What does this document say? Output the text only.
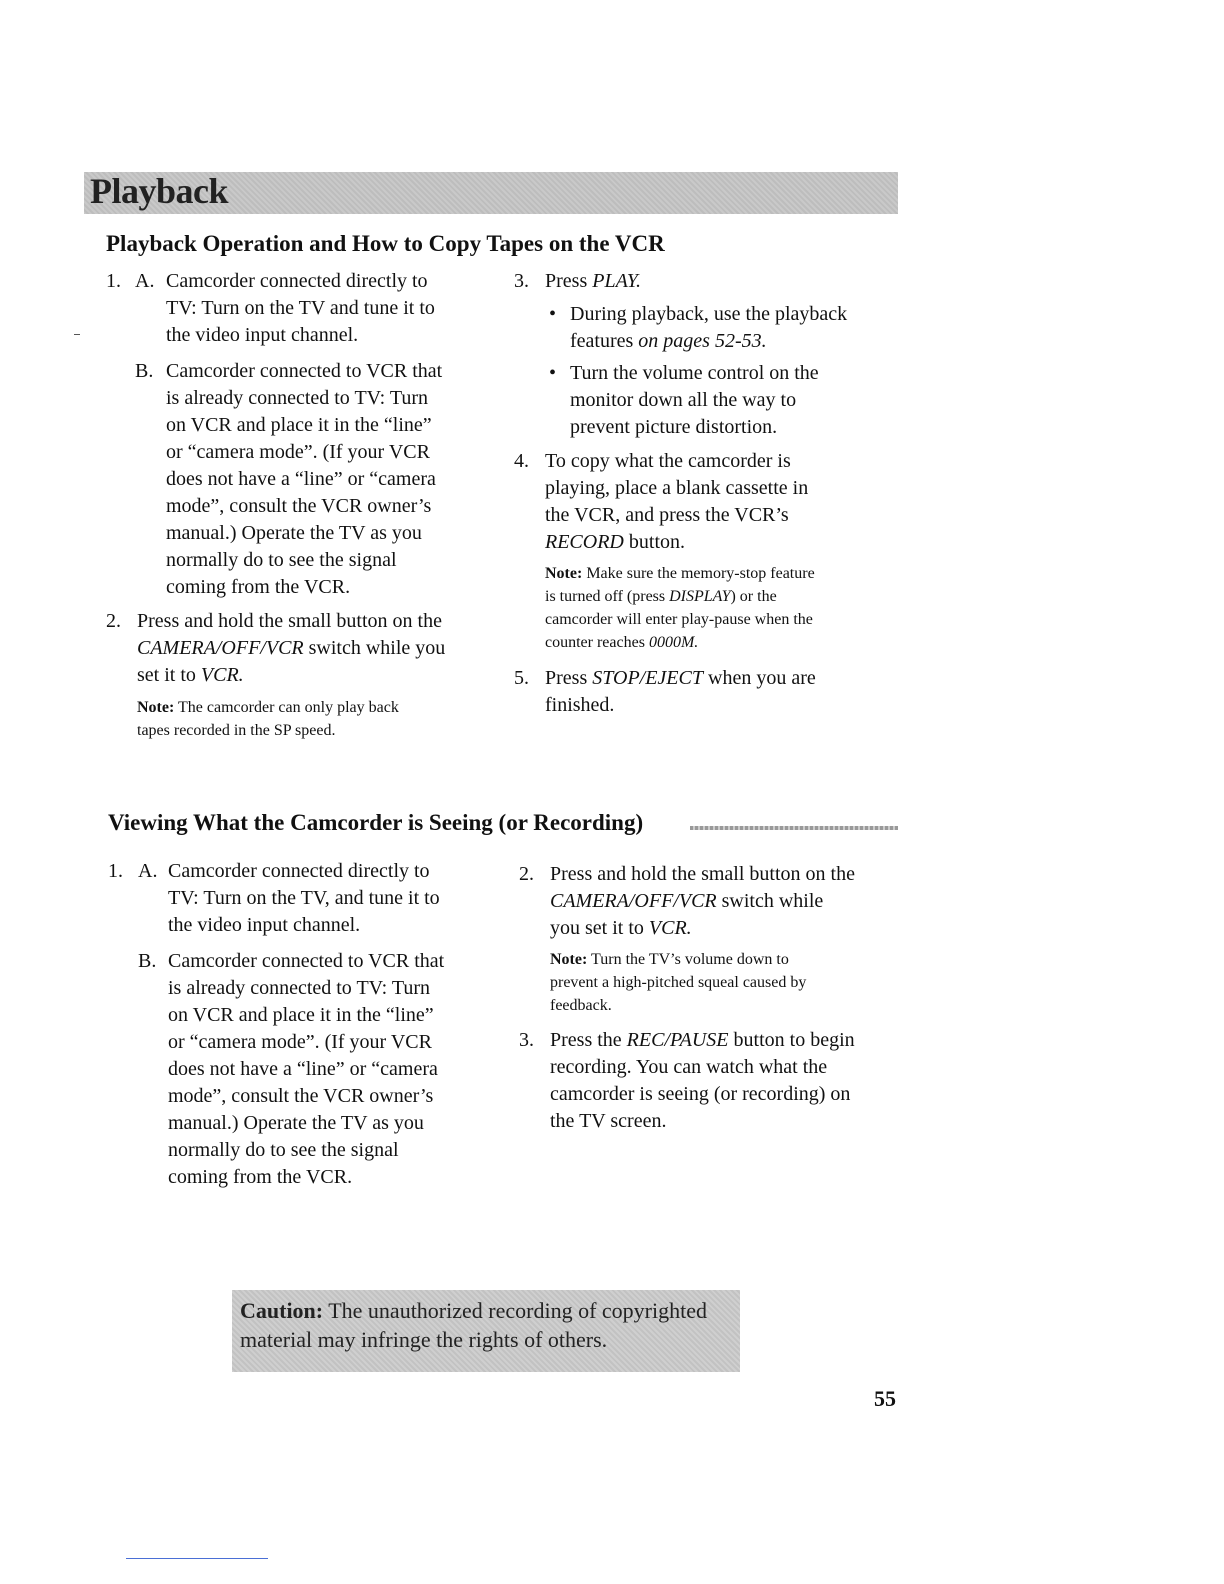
Playback
Playback Operation and How to Copy Tapes on the VCR
1. A. Camcorder connected directly to
TV: Turn on the TV and tune it to
the video input channel.
B. Camcorder connected to VCR that
is already connected to TV: Turn
on VCR and place it in the “line”
or “camera mode”. (If your VCR
does not have a “line” or “camera
mode”, consult the VCR owner’s
manual.) Operate the TV as you
normally do to see the signal
coming from the VCR.
2. Press and hold the small button on the
CAMERA/OFF/VCR switch while you
set it to VCR.
Note: The camcorder can only play back
tapes recorded in the SP speed.
3. Press PLAY.
• During playback, use the playback
features on pages 52-53.
• Turn the volume control on the
monitor down all the way to
prevent picture distortion.
4. To copy what the camcorder is
playing, place a blank cassette in
the VCR, and press the VCR’s
RECORD button.
Note: Make sure the memory-stop feature
is turned off (press DISPLAY) or the
camcorder will enter play-pause when the
counter reaches 0000M.
5. Press STOP/EJECT when you are
finished.
Viewing What the Camcorder is Seeing (or Recording)
1. A. Camcorder connected directly to
TV: Turn on the TV, and tune it to
the video input channel.
B. Camcorder connected to VCR that
is already connected to TV: Turn
on VCR and place it in the “line”
or “camera mode”. (If your VCR
does not have a “line” or “camera
mode”, consult the VCR owner’s
manual.) Operate the TV as you
normally do to see the signal
coming from the VCR.
2. Press and hold the small button on the
CAMERA/OFF/VCR switch while
you set it to VCR.
Note: Turn the TV’s volume down to
prevent a high-pitched squeal caused by
feedback.
3. Press the REC/PAUSE button to begin
recording. You can watch what the
camcorder is seeing (or recording) on
the TV screen.
Caution: The unauthorized recording of copyrighted
material may infringe the rights of others.
55
